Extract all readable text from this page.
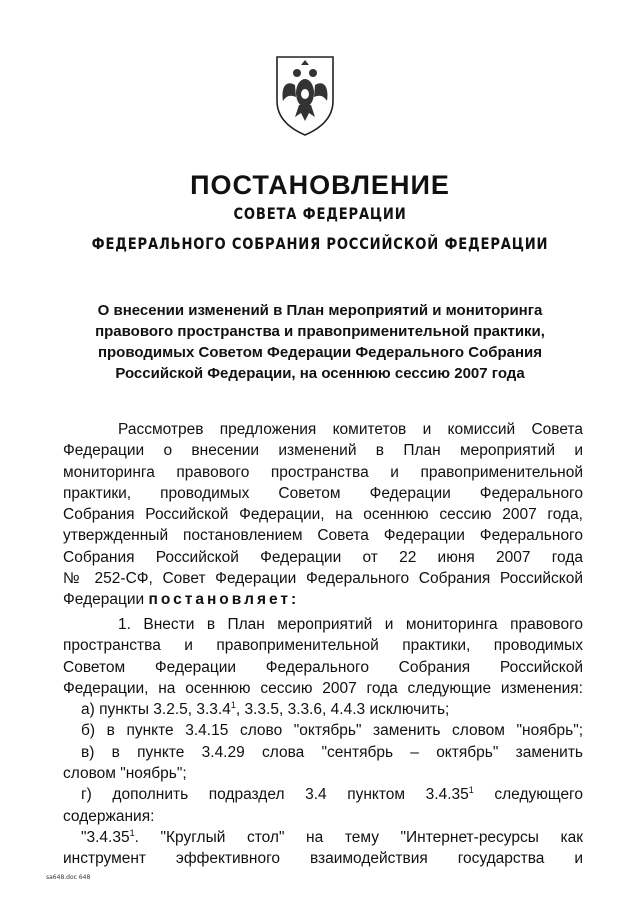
ПОСТАНОВЛЕНИЕ
СОВЕТА ФЕДЕРАЦИИ
ФЕДЕРАЛЬНОГО СОБРАНИЯ РОССИЙСКОЙ ФЕДЕРАЦИИ
О внесении изменений в План мероприятий и мониторинга
правового пространства и правоприменительной практики,
проводимых Советом Федерации Федерального Собрания
Российской Федерации, на осеннюю сессию 2007 года
Рассмотрев предложения комитетов и комиссий Совета
Федерации о внесении изменений в План мероприятий и
мониторинга правового пространства и правоприменительной
практики, проводимых Советом Федерации Федерального
Собрания Российской Федерации, на осеннюю сессию 2007 года,
утвержденный постановлением Совета Федерации Федерального
Собрания Российской Федерации от 22 июня 2007 года
№ 252-СФ, Совет Федерации Федерального Собрания Российской
Федерации постановляет:
1. Внести в План мероприятий и мониторинга правового
пространства и правоприменительной практики, проводимых
Советом Федерации Федерального Собрания Российской
Федерации, на осеннюю сессию 2007 года следующие изменения:
а) пункты 3.2.5, 3.3.4$^1$, 3.3.5, 3.3.6, 4.4.3 исключить;
б) в пункте 3.4.15 слово "октябрь" заменить словом "ноябрь";
в) в пункте 3.4.29 слова "сентябрь – октябрь" заменить
словом "ноябрь";
г) дополнить подраздел 3.4 пунктом 3.4.35$^1$ следующего
содержания:
"3.4.35$^1$. "Круглый стол" на тему "Интернет-ресурсы как
инструмент эффективного взаимодействия государства и
sa648.doc 648
